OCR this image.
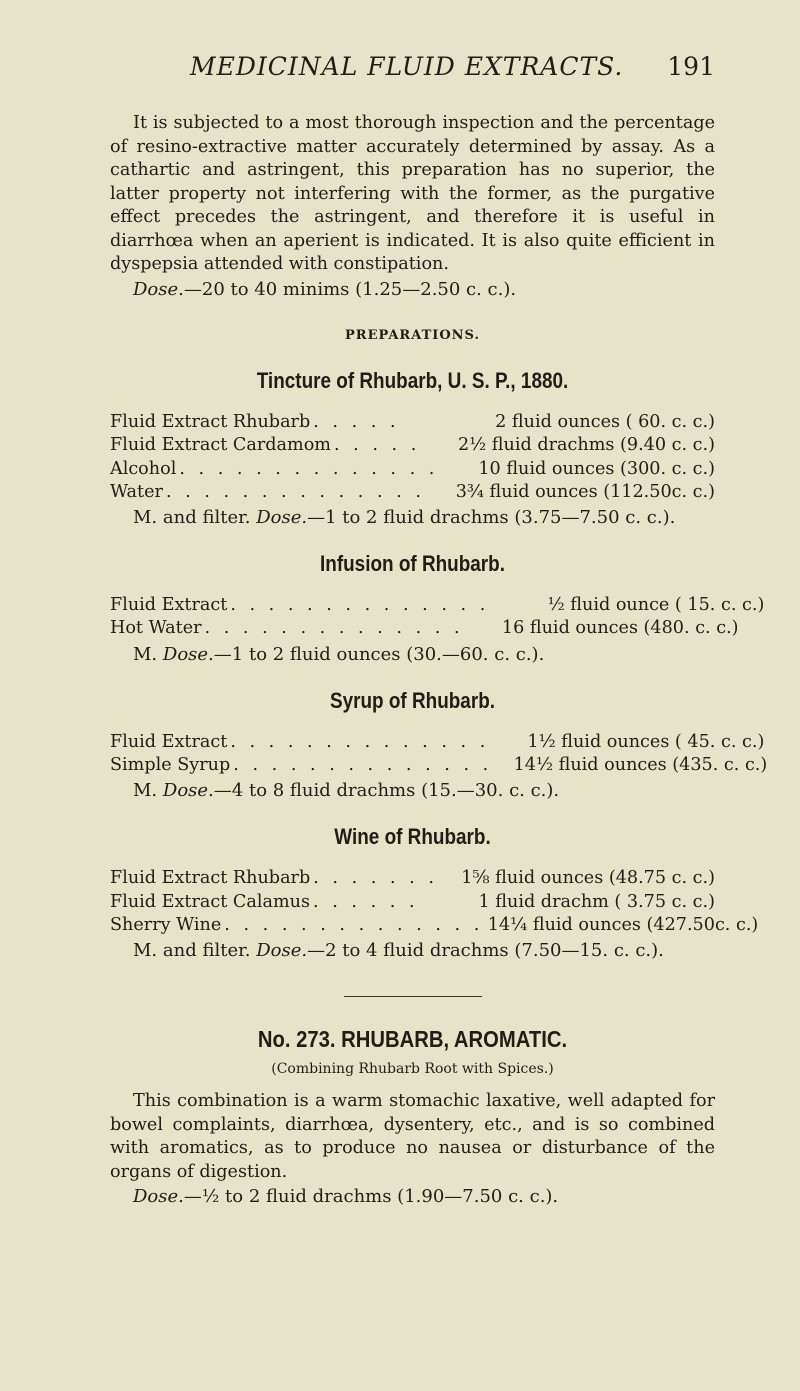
MEDICINAL FLUID EXTRACTS. 191

It is subjected to a most thorough inspection and the percentage of resino-extractive matter accurately determined by assay. As a cathartic and astringent, this preparation has no superior, the latter property not interfering with the former, as the purgative effect precedes the astringent, and therefore it is useful in diarrhœa when an aperient is indicated. It is also quite efficient in dyspepsia attended with constipation.

Dose.—20 to 40 minims (1.25—2.50 c. c.).

PREPARATIONS.
Tincture of Rhubarb, U. S. P., 1880.
Fluid Extract Rhubarb . . . . .	2 fluid ounces ( 60. c. c.)
Fluid Extract Cardamom . . . . .	2½ fluid drachms (9.40 c. c.)
Alcohol . . . . . . . . . . . . . .	10 fluid ounces (300. c. c.)
Water . . . . . . . . . . . . . .	3¾ fluid ounces (112.50c. c.)
M. and filter. Dose.—1 to 2 fluid drachms (3.75—7.50 c. c.).
Infusion of Rhubarb.
Fluid Extract . . . . . . . . . . . . . .	½ fluid ounce ( 15. c. c.)
Hot Water . . . . . . . . . . . . . .	16 fluid ounces (480. c. c.)
M. Dose.—1 to 2 fluid ounces (30.—60. c. c.).
Syrup of Rhubarb.
Fluid Extract . . . . . . . . . . . . . .	1½ fluid ounces ( 45. c. c.)
Simple Syrup . . . . . . . . . . . . . .	14½ fluid ounces (435. c. c.)
M. Dose.—4 to 8 fluid drachms (15.—30. c. c.).
Wine of Rhubarb.
Fluid Extract Rhubarb . . . . . . .	1⅝ fluid ounces (48.75 c. c.)
Fluid Extract Calamus . . . . . .	1 fluid drachm ( 3.75 c. c.)
Sherry Wine . . . . . . . . . . . . . . 14¼ fluid ounces (427.50c. c.)
M. and filter. Dose.—2 to 4 fluid drachms (7.50—15. c. c.).
No. 273. RHUBARB, AROMATIC.
(Combining Rhubarb Root with Spices.)

This combination is a warm stomachic laxative, well adapted for bowel complaints, diarrhœa, dysentery, etc., and is so combined with aromatics, as to produce no nausea or disturbance of the organs of digestion.

Dose.—½ to 2 fluid drachms (1.90—7.50 c. c.).
